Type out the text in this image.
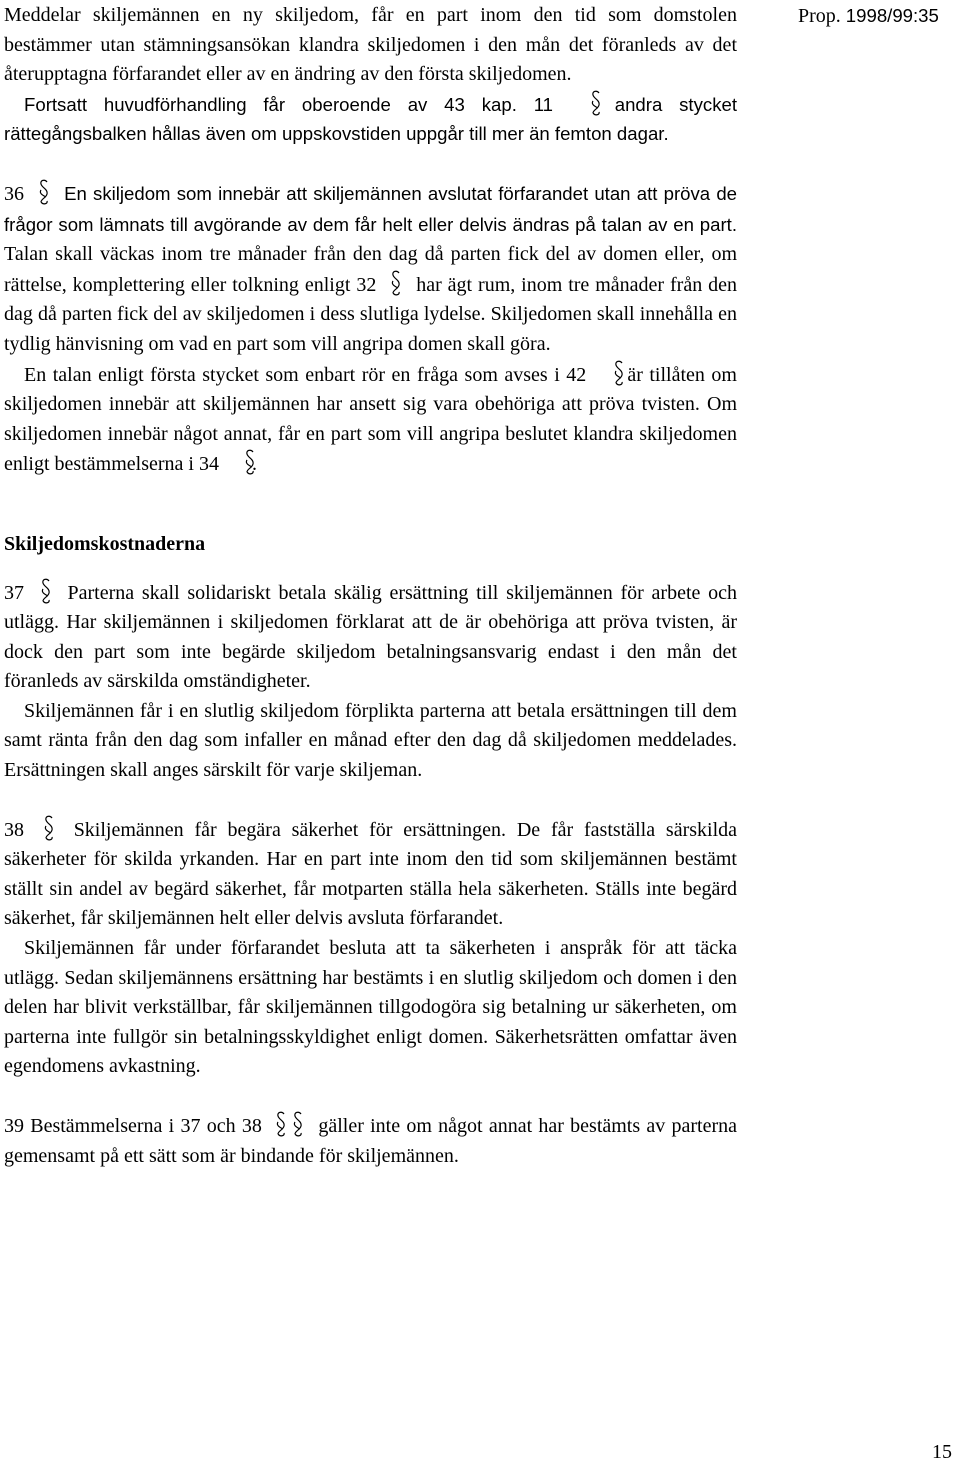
Meddelar skiljemännen en ny skiljedom, får en part inom den tid som domstolen bestämmer utan stämningsansökan klandra skiljedomen i den mån det föranleds av det återupptagna förfarandet eller av en ändring av den första skiljedomen.

Fortsatt huvudförhandling får oberoende av 43 kap. 11	andra stycket rättegångsbalken hållas även om uppskovstiden uppgår till mer än femton dagar.

36 En skiljedom som innebär att skiljemännen avslutat förfarandet utan att pröva de frågor som lämnats till avgörande av dem får helt eller delvis ändras på talan av en part. Talan skall väckas inom tre månader från den dag då parten fick del av domen eller, om rättelse, komplettering eller tolkning enligt 32 har ägt rum, inom tre månader från den dag då parten fick del av skiljedomen i dess slutliga lydelse. Skiljedomen skall innehålla en tydlig hänvisning om vad en part som vill angripa domen skall göra.

En talan enligt första stycket som enbart rör en fråga som avses i 42 är tillåten om skiljedomen innebär att skiljemännen har ansett sig vara obehöriga att pröva tvisten. Om skiljedomen innebär något annat, får en part som vill angripa beslutet klandra skiljedomen enligt bestämmelserna i 34 .

Skiljedomskostnaderna

37 Parterna skall solidariskt betala skälig ersättning till skiljemännen för arbete och utlägg. Har skiljemännen i skiljedomen förklarat att de är obehöriga att pröva tvisten, är dock den part som inte begärde skiljedom betalningsansvarig endast i den mån det föranleds av särskilda omständigheter.

Skiljemännen får i en slutlig skiljedom förplikta parterna att betala ersättningen till dem samt ränta från den dag som infaller en månad efter den dag då skiljedomen meddelades. Ersättningen skall anges särskilt för varje skiljeman.

38 Skiljemännen får begära säkerhet för ersättningen. De får fastställa särskilda säkerheter för skilda yrkanden. Har en part inte inom den tid som skiljemännen bestämt ställt sin andel av begärd säkerhet, får motparten ställa hela säkerheten. Ställs inte begärd säkerhet, får skiljemännen helt eller delvis avsluta förfarandet.

Skiljemännen får under förfarandet besluta att ta säkerheten i anspråk för att täcka utlägg. Sedan skiljemännens ersättning har bestämts i en slutlig skiljedom och domen i den delen har blivit verkställbar, får skiljemännen tillgodogöra sig betalning ur säkerheten, om parterna inte fullgör sin betalningsskyldighet enligt domen. Säkerhetsrätten omfattar även egendomens avkastning.

39 Bestämmelserna i 37 och 38	gäller inte om något annat har bestämts av parterna gemensamt på ett sätt som är bindande för skiljemännen.

Prop. 1998/99:35
15
